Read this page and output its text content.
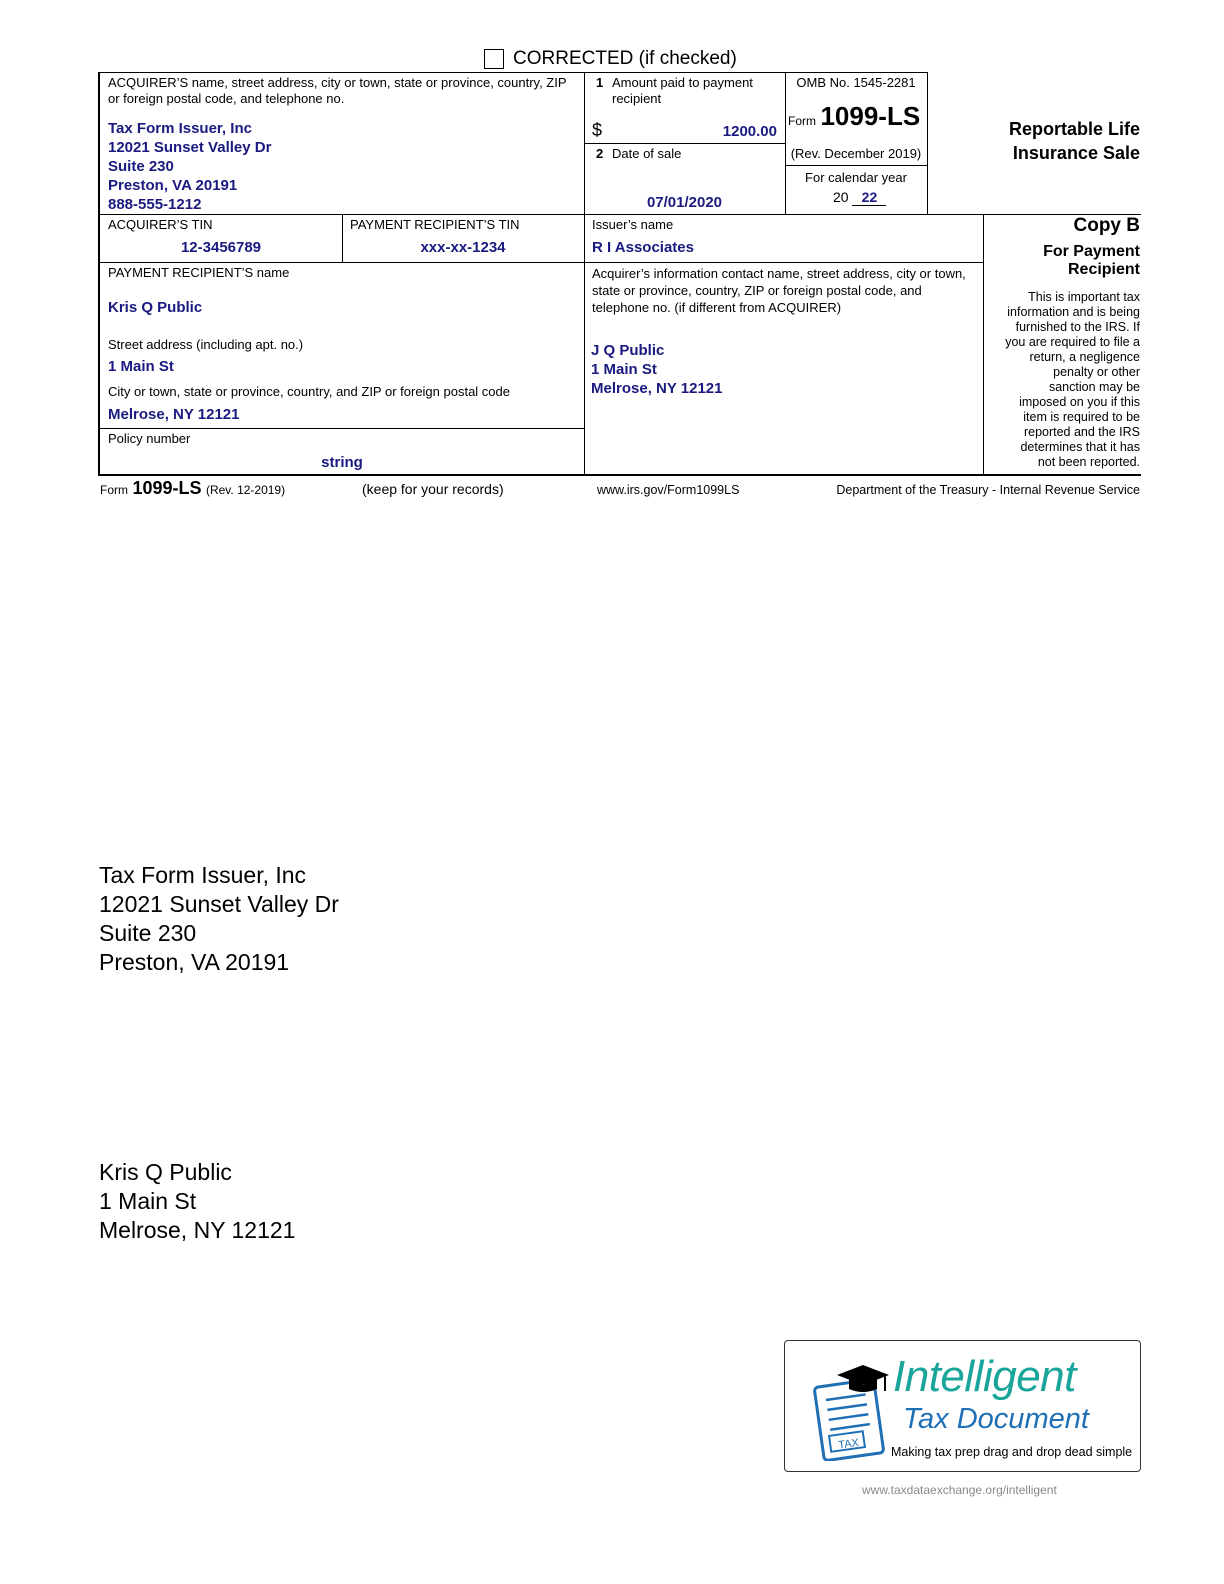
CORRECTED (if checked)
ACQUIRER’S name, street address, city or town, state or province, country, ZIP or foreign postal code, and telephone no.
Tax Form Issuer, Inc
12021 Sunset Valley Dr
Suite 230
Preston, VA 20191
888-555-1212
1 Amount paid to payment recipient
$	1200.00
2 Date of sale
07/01/2020
OMB No. 1545-2281
Form 1099-LS
(Rev. December 2019)
For calendar year
20 22
Reportable Life
Insurance Sale
ACQUIRER’S TIN
12-3456789
PAYMENT RECIPIENT’S TIN
xxx-xx-1234
Issuer’s name
R I Associates
Copy B
For Payment
Recipient
This is important tax
information and is being
furnished to the IRS. If
you are required to file a
return, a negligence
penalty or other
sanction may be
imposed on you if this
item is required to be
reported and the IRS
determines that it has
not been reported.
PAYMENT RECIPIENT’S name
Kris Q Public
Street address (including apt. no.)
1 Main St
City or town, state or province, country, and ZIP or foreign postal code
Melrose, NY 12121
Acquirer’s information contact name, street address, city or town, state or province, country, ZIP or foreign postal code, and telephone no. (if different from ACQUIRER)
J Q Public
1 Main St
Melrose, NY 12121
Policy number
string
Form 1099-LS (Rev. 12-2019)	(keep for your records)	www.irs.gov/Form1099LS	Department of the Treasury - Internal Revenue Service
Tax Form Issuer, Inc
12021 Sunset Valley Dr
Suite 230
Preston, VA 20191
Kris Q Public
1 Main St
Melrose, NY 12121
TAX
Intelligent
Tax Document
Making tax prep drag and drop dead simple
www.taxdataexchange.org/intelligent
